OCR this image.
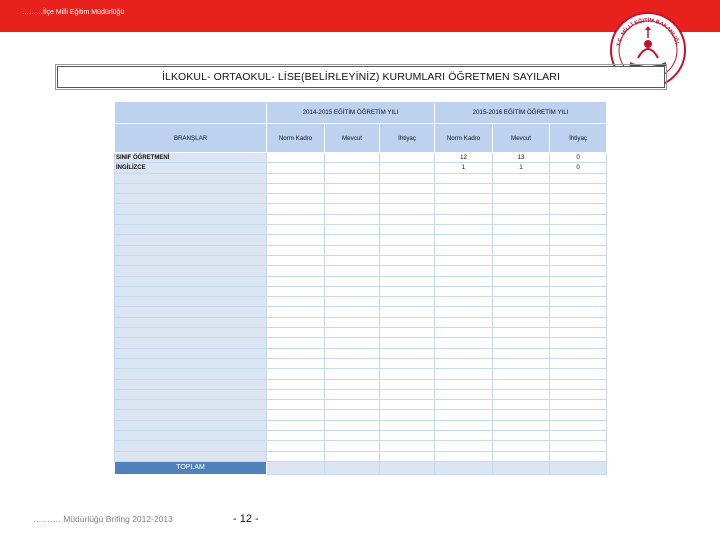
………İlçe Milli Eğitim Müdürlüğü
T.C. MİLLÎ EĞİTİM BAKANLIĞI
İLKOKUL- ORTAOKUL- LİSE(BELİRLEYİNİZ) KURUMLARI ÖĞRETMEN SAYILARI
	2014-2015 EĞİTİM ÖĞRETİM YILI			2015-2016 EĞİTİM ÖĞRETİM YILI		
BRANŞLAR	Norm Kadro	Mevcut	İhtiyaç	Norm Kadro	Mevcut	İhtiyaç
SINIF ÖĞRETMENİ				12	13	0
İNGİLİZCE				1	1	0

TOPLAM						
………. Müdürlüğü Brifing 2012-2013	- 12 -
